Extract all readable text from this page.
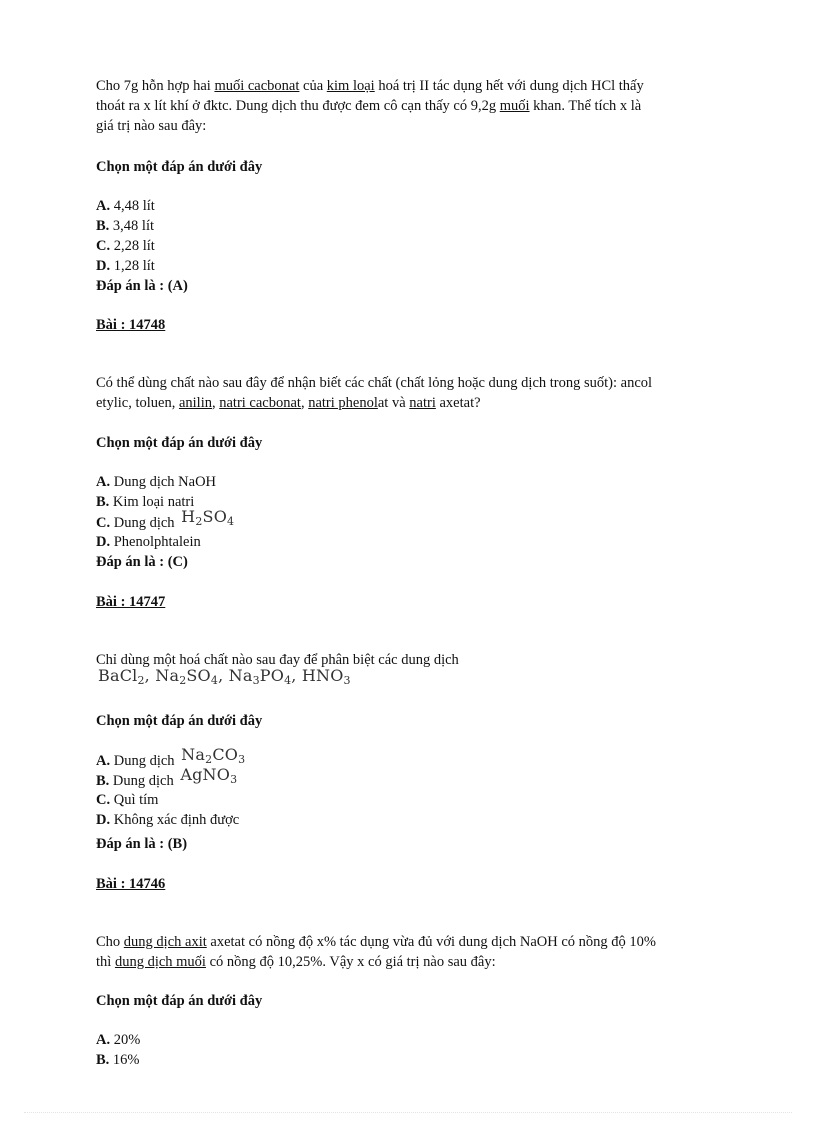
Cho 7g hỗn hợp hai muối cacbonat của kim loại hoá trị II tác dụng hết với dung dịch HCl thấy
thoát ra x lít khí ở đktc. Dung dịch thu được đem cô cạn thấy có 9,2g muối khan. Thể tích x là
giá trị nào sau đây:
Chọn một đáp án dưới đây
A. 4,48 lít
B. 3,48 lít
C. 2,28 lít
D. 1,28 lít
Đáp án là : (A)
Bài : 14748
Có thể dùng chất nào sau đây để nhận biết các chất (chất lỏng hoặc dung dịch trong suốt): ancol
etylic, toluen, anilin, natri cacbonat, natri phenolat và natri axetat?
Chọn một đáp án dưới đây
A. Dung dịch NaOH
B. Kim loại natri
C. Dung dịch $H_2SO_4$
D. Phenolphtalein
Đáp án là : (C)
Bài : 14747
Chỉ dùng một hoá chất nào sau đay để phân biệt các dung dịch
BaCl$_2$, $Na_2SO_4$, $Na_3PO_4$, $HNO_3$
Chọn một đáp án dưới đây
A. Dung dịch $Na_2CO_3$
B. Dung dịch AgNO$_3$
C. Quì tím
D. Không xác định được
Đáp án là : (B)
Bài : 14746
Cho dung dịch axit axetat có nồng độ x% tác dụng vừa đủ với dung dịch NaOH có nồng độ 10%
thì dung dịch muối có nồng độ 10,25%. Vậy x có giá trị nào sau đây:
Chọn một đáp án dưới đây
A. 20%
B. 16%
